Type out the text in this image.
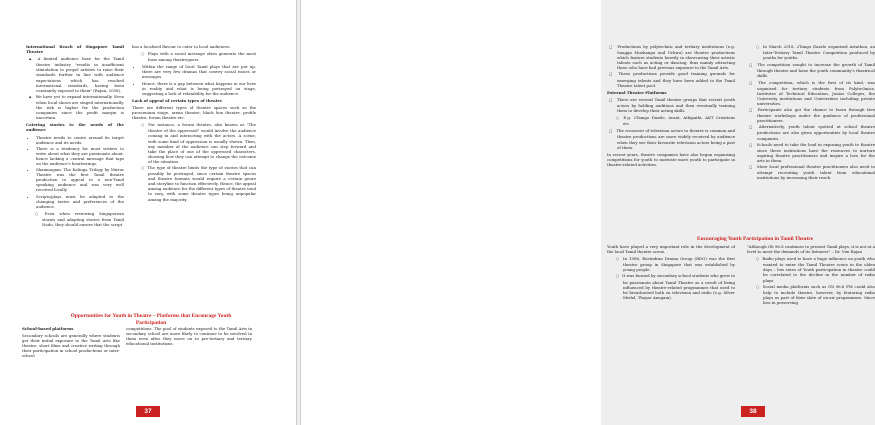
International Reach of Singapore Tamil Theatre

◆ A limited audience base for the Tamil theatre industry "results in insufficient stimulation to propel artistes to raise their standards further in line with audience expectations which has reached international standards, having been constantly exposed to them" (Rajan, 2008).
◆ We have yet to expand internationally. Even when local shows are staged internationally, the risk is higher for the production companies since the profit margin is uncertain.

Catering stories to the needs of the audience

• Theatre needs to centre around its target audience and its needs.
• There is a tendency for most writers to write about what they are passionate about, hence lacking a central message that taps on the audience's heartstrings.
• Shanmugam: The Kalinga Trilogy by Mirror Theatre was the first Tamil theatre production to appeal to a non-Tamil speaking audience and was very well received locally.
• Scripts/plays must be adapted to the changing tastes and preferences of the audience.
○ Even when reviewing Singaporean stories and adapting stories from Tamil Nadu, they should ensure that the script

has a localised flavour to cater to local audiences.

○ Plays with a social message often generate the most buzz among theatregoers.
• Within the range of local Tamil plays that are put up, there are very few dramas that convey social issues or messages.
• Hence, there is a gap between what happens in our lives in reality and what is being portrayed on stage, suggesting a lack of relatability for the audience.

Lack of appeal of certain types of theatre

There are different types of theatre spaces such as the proscenium stage, arena theatre, black box theatre, profile theatre, forum theatre etc.

○ For instance, a forum theatre, also known as "The theatre of the oppressed" would involve the audience coming in and interacting with the actors. A scene, with some kind of oppression is usually shown. Then, any member of the audience can step forward and take the place of one of the oppressed characters, showing how they can attempt to change the outcome of the situation.
○ The type of theatre limits the type of stories that can possibly be portrayed, since certain theatre spaces and theatre formats would require a certain genre and storyline to function effectively. Hence, the appeal among audience for the different types of theatre tend to vary, with some theatre types being unpopular among the majority.
Opportunities for Youth in Theatre – Platforms that Encourage Youth Participation

School-based platforms

Secondary schools are generally where students get their initial exposure to the Tamil Arts like theatre, short films and creative writing through their participation in school productions or inter-school

competitions. The pool of students exposed to the Tamil Arts in secondary school are more likely to continue to be involved in them even after they move on to pre-tertiary and tertiary educational institutions.

37
□ Productions by polytechnic and tertiary institutions (e.g. Sangga Muzhangu and Urhiru) are theatre productions which feature students heavily in showcasing their artistic talents such as acting or dancing, thus mainly attracting those who have had previous exposure to the Tamil Arts.
□ These productions provide good training grounds for emerging talents and they have been added to the Tamil Theatre talent pool.

External Theatre Platforms

□ There are several Tamil theatre groups that recruit youth actors by holding auditions and then eventually training them to develop their acting skills.
○ E.g. 2Tamgo Dazzle, Avant, Athipathi, AKT Creations etc.
□ The crossover of television actors to theatre is common and theatre productions are more widely received by audience when they see their favourite television actors being a part of them.

In recent years, theatre companies have also begun organising competitions for youth to motivate more youth to participate in theatre-related activities.

○ In March 2018, 2Tango Dazzle organised Artathon, an Inter-Tertiary Tamil Theatre Competition produced by youths for youths.
□ The competition sought to increase the growth of Tamil through theatre and hone the youth community's theatrical skills.
□ The competition, which is the first of its kind, was organised for tertiary students from Polytechnics, Institutes of Technical Education, Junior Colleges, the University institutions and Universities including private universities.
□ Participants also got the chance to learn through free theatre workshops under the guidance of professional practitioners.
□ Alternatively, youth talent spotted at school theatre productions are also given opportunities by local theatre companies.
□ Schools need to take the lead in exposing youth to theatre since these institutions have the resources to nurture aspiring theatre practitioners and inspire a love for the arts in them.
□ More local professional theatre practitioners also need to attempt recruiting youth talent from educational institutions by increasing their reach.
Encouraging Youth Participation in Tamil Theatre

Youth have played a very important role in the development of the local Tamil theatre scene.

○ In 1986, Ravindran Drama Group (RDG) was the first theatre group in Singapore that was established by young people.
○ It was formed by secondary school students who grew to be passionate about Tamil Theatre as a result of being influenced by theatre-related programmes that used to be broadcasted both on television and radio (e.g. Silver Medal, Thayar Anugam).

"Although Oli 96.8 continues to present Tamil plays, it is not at a level to meet the demands of its listeners" – Dr. Vim Rajan

○ Radio plays used to have a huge influence on youth who wanted to enter the Tamil Theatre scene in the olden days – low rates of Youth participation in theatre could be correlated to the decline in the number of radio plays.
○ Social media platforms such as Oli 96.8 FM could also help to include theatre, however, by featuring radio plays as part of their slate of on-air programmes. Since less in preserving
38
